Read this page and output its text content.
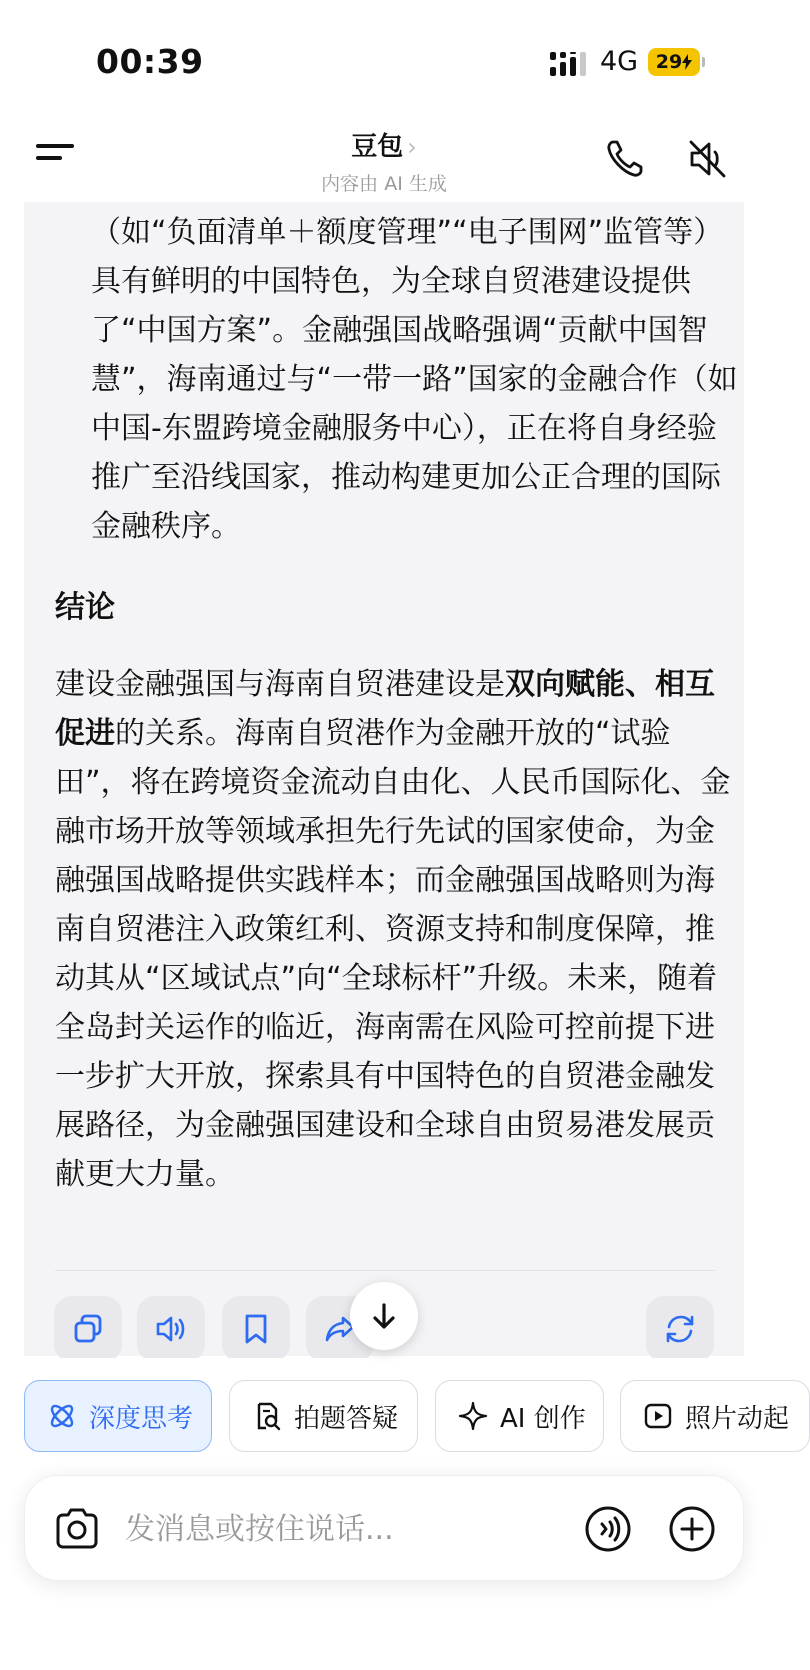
00:39	4G 29
豆包 ›
内容由 AI 生成
（如“负面清单＋额度管理”“电子围网”监管等）具有鲜明的中国特色，为全球自贸港建设提供了“中国方案”。金融强国战略强调“贡献中国智慧”，海南通过与“一带一路”国家的金融合作（如中国-东盟跨境金融服务中心），正在将自身经验推广至沿线国家，推动构建更加公正合理的国际金融秩序。
结论
建设金融强国与海南自贸港建设是双向赋能、相互促进的关系。海南自贸港作为金融开放的“试验田”，将在跨境资金流动自由化、人民币国际化、金融市场开放等领域承担先行先试的国家使命，为金融强国战略提供实践样本；而金融强国战略则为海南自贸港注入政策红利、资源支持和制度保障，推动其从“区域试点”向“全球标杆”升级。未来，随着全岛封关运作的临近，海南需在风险可控前提下进一步扩大开放，探索具有中国特色的自贸港金融发展路径，为金融强国建设和全球自由贸易港发展贡献更大力量。
深度思考	拍题答疑	AI 创作	照片动起
发消息或按住说话...
